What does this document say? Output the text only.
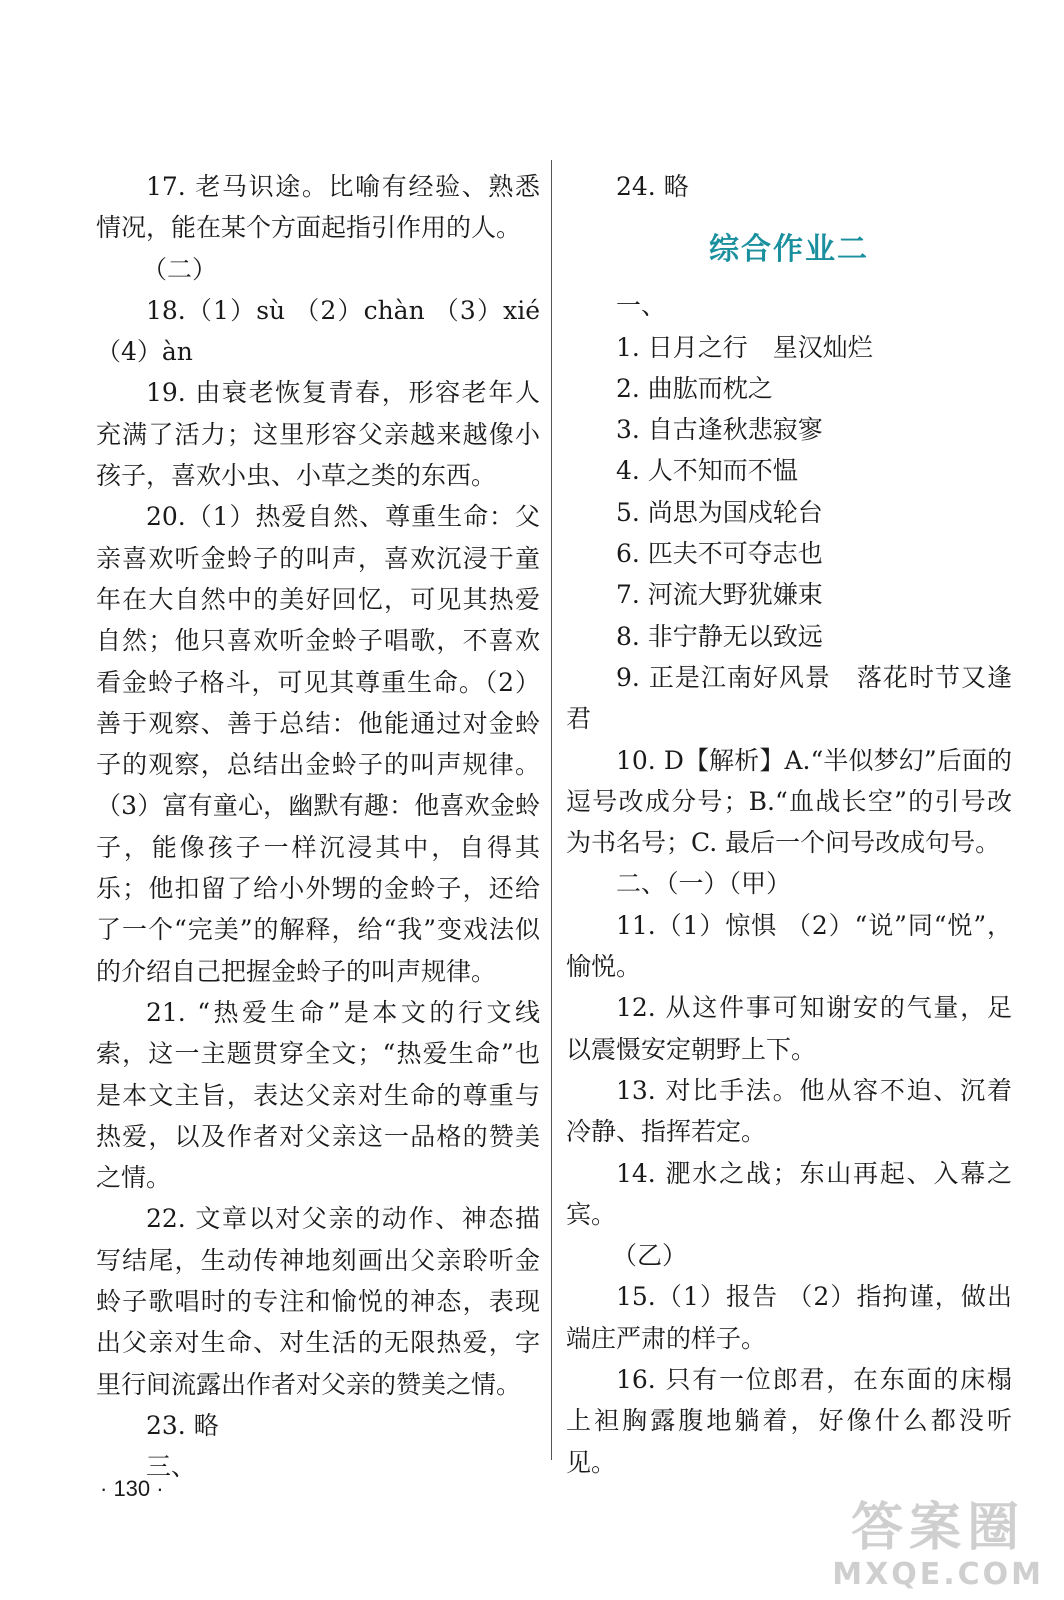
17. 老马识途。比喻有经验、熟悉情况，能在某个方面起指引作用的人。

（二）

18.（1）sù （2）chàn （3）xié （4）àn

19. 由衰老恢复青春，形容老年人充满了活力；这里形容父亲越来越像小孩子，喜欢小虫、小草之类的东西。

20.（1）热爱自然、尊重生命：父亲喜欢听金蛉子的叫声，喜欢沉浸于童年在大自然中的美好回忆，可见其热爱自然；他只喜欢听金蛉子唱歌，不喜欢看金蛉子格斗，可见其尊重生命。（2）善于观察、善于总结：他能通过对金蛉子的观察，总结出金蛉子的叫声规律。（3）富有童心，幽默有趣：他喜欢金蛉子，能像孩子一样沉浸其中，自得其乐；他扣留了给小外甥的金蛉子，还给了一个“完美”的解释，给“我”变戏法似的介绍自己把握金蛉子的叫声规律。

21. “热爱生命”是本文的行文线索，这一主题贯穿全文；“热爱生命”也是本文主旨，表达父亲对生命的尊重与热爱，以及作者对父亲这一品格的赞美之情。

22. 文章以对父亲的动作、神态描写结尾，生动传神地刻画出父亲聆听金蛉子歌唱时的专注和愉悦的神态，表现出父亲对生命、对生活的无限热爱，字里行间流露出作者对父亲的赞美之情。

23. 略

三、

24. 略

综合作业二

一、

1. 日月之行　星汉灿烂

2. 曲肱而枕之

3. 自古逢秋悲寂寥

4. 人不知而不愠

5. 尚思为国戍轮台

6. 匹夫不可夺志也

7. 河流大野犹嫌束

8. 非宁静无以致远

9. 正是江南好风景　落花时节又逢君

10. D【解析】A.“半似梦幻”后面的逗号改成分号；B.“血战长空”的引号改为书名号；C. 最后一个问号改成句号。

二、（一）（甲）

11.（1）惊惧 （2）“说”同“悦”，愉悦。

12. 从这件事可知谢安的气量，足以震慑安定朝野上下。

13. 对比手法。他从容不迫、沉着冷静、指挥若定。

14. 淝水之战；东山再起、入幕之宾。

（乙）

15.（1）报告 （2）指拘谨，做出端庄严肃的样子。

16. 只有一位郎君，在东面的床榻上袒胸露腹地躺着，好像什么都没听见。

· 130 ·
答案圈
MXQE.COM
